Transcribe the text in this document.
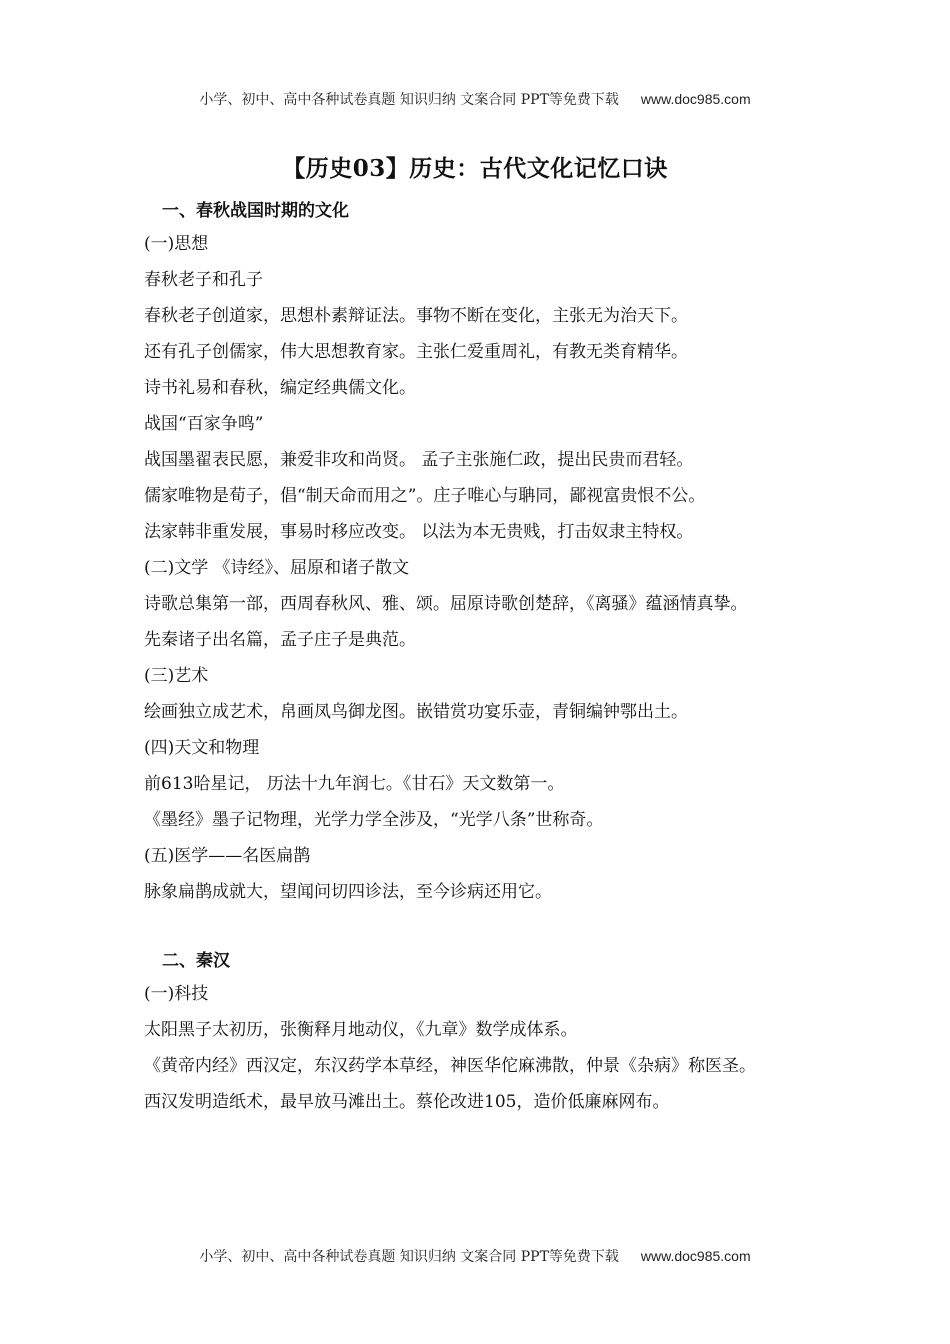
小学、初中、高中各种试卷真题 知识归纳 文案合同 PPT等免费下载 www.doc985.com
【历史03】历史：古代文化记忆口诀
一、春秋战国时期的文化
(一)思想
春秋老子和孔子
春秋老子创道家，思想朴素辩证法。事物不断在变化，主张无为治天下。
还有孔子创儒家，伟大思想教育家。主张仁爱重周礼，有教无类育精华。
诗书礼易和春秋，编定经典儒文化。
战国“百家争鸣”
战国墨翟表民愿，兼爱非攻和尚贤。 孟子主张施仁政，提出民贵而君轻。
儒家唯物是荀子，倡“制天命而用之”。庄子唯心与聃同，鄙视富贵恨不公。
法家韩非重发展，事易时移应改变。 以法为本无贵贱，打击奴隶主特权。
(二)文学 《诗经》、屈原和诸子散文
诗歌总集第一部，西周春秋风、雅、颂。屈原诗歌创楚辞，《离骚》蕴涵情真挚。
先秦诸子出名篇，孟子庄子是典范。
(三)艺术
绘画独立成艺术，帛画凤鸟御龙图。嵌错赏功宴乐壶，青铜编钟鄂出土。
(四)天文和物理
前613哈星记， 历法十九年润七。《甘石》天文数第一。
《墨经》墨子记物理，光学力学全涉及，“光学八条”世称奇。
(五)医学——名医扁鹊
脉象扁鹊成就大，望闻问切四诊法，至今诊病还用它。
二、秦汉
(一)科技
太阳黑子太初历，张衡释月地动仪，《九章》数学成体系。
《黄帝内经》西汉定，东汉药学本草经，神医华佗麻沸散，仲景《杂病》称医圣。
西汉发明造纸术，最早放马滩出土。蔡伦改进105，造价低廉麻网布。
小学、初中、高中各种试卷真题 知识归纳 文案合同 PPT等免费下载 www.doc985.com
